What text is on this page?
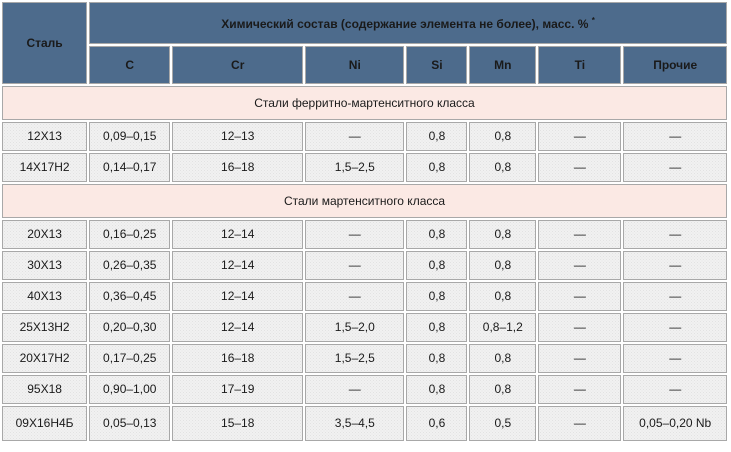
Сталь	Химический состав (содержание элемента не более), масс. % *
	C	Cr	Ni	Si	Mn	Ti	Прочие
Стали ферритно-мартенситного класса							

12Х13	0,09–0,15	12–13	—	0,8	0,8	—	—

14Х17Н2	0,14–0,17	16–18	1,5–2,5	0,8	0,8	—	—

Стали мартенситного класса							

20Х13	0,16–0,25	12–14	—	0,8	0,8	—	—

30Х13	0,26–0,35	12–14	—	0,8	0,8	—	—

40Х13	0,36–0,45	12–14	—	0,8	0,8	—	—

25Х13Н2	0,20–0,30	12–14	1,5–2,0	0,8	0,8–1,2	—	—

20Х17Н2	0,17–0,25	16–18	1,5–2,5	0,8	0,8	—	—

95Х18	0,90–1,00	17–19	—	0,8	0,8	—	—

09Х16Н4Б	0,05–0,13	15–18	3,5–4,5	0,6	0,5	—	0,05–0,20 Nb
